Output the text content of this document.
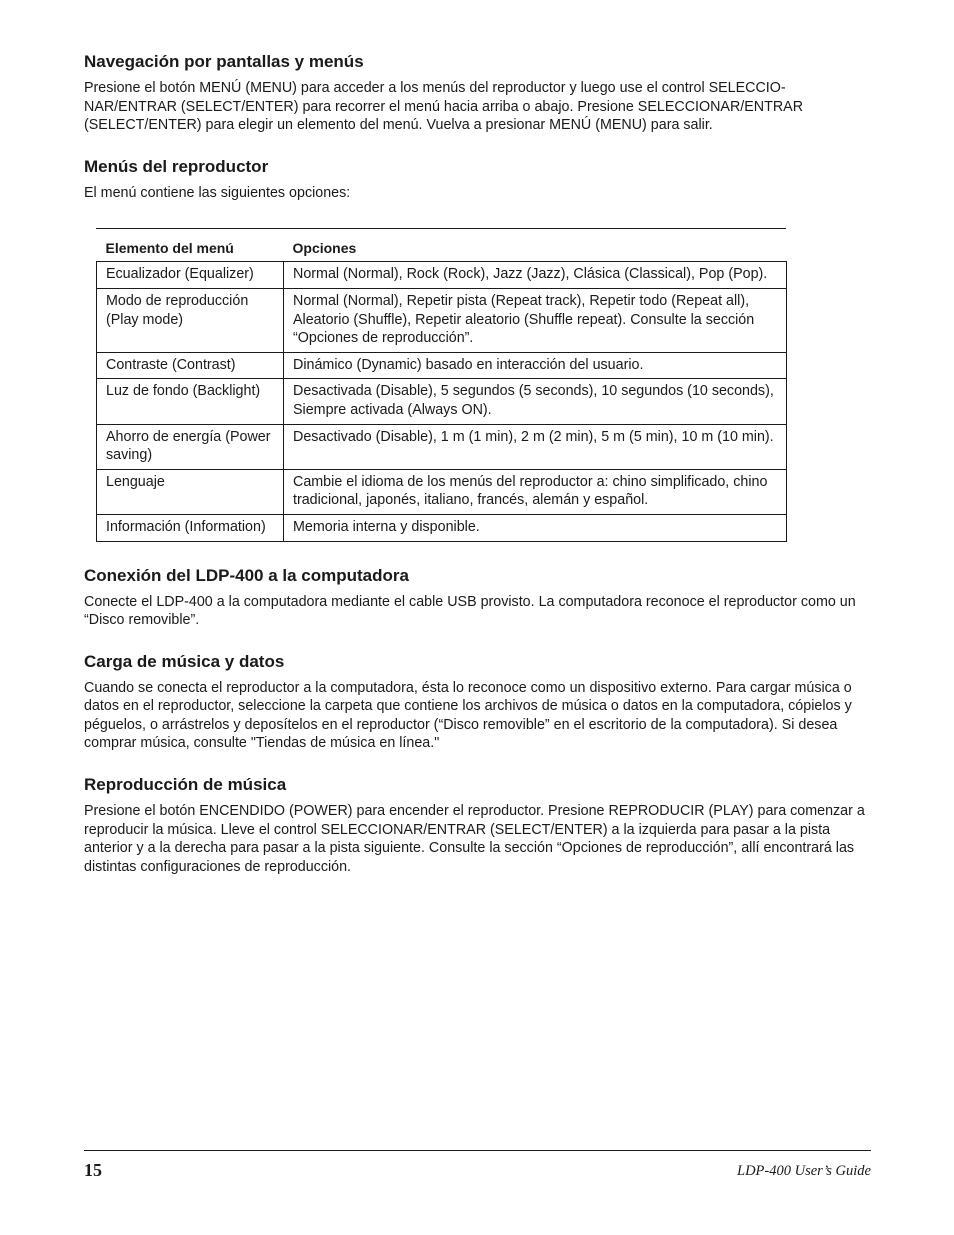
Navegación por pantallas y menús

Presione el botón MENÚ (MENU) para acceder a los menús del reproductor y luego use el control SELECCIO-NAR/ENTRAR (SELECT/ENTER) para recorrer el menú hacia arriba o abajo. Presione SELECCIONAR/ENTRAR (SELECT/ENTER) para elegir un elemento del menú. Vuelva a presionar MENÚ (MENU) para salir.

Menús del reproductor

El menú contiene las siguientes opciones:

Elemento del menú	Opciones
Ecualizador (Equalizer)	Normal (Normal), Rock (Rock), Jazz (Jazz), Clásica (Classical), Pop (Pop).
Modo de reproducción (Play mode)	Normal (Normal), Repetir pista (Repeat track), Repetir todo (Repeat all), Aleatorio (Shuffle), Repetir aleatorio (Shuffle repeat). Consulte la sección “Opciones de reproducción”.
Contraste (Contrast)	Dinámico (Dynamic) basado en interacción del usuario.
Luz de fondo (Backlight)	Desactivada (Disable), 5 segundos (5 seconds), 10 segundos (10 seconds), Siempre activada (Always ON).
Ahorro de energía (Power saving)	Desactivado (Disable), 1 m (1 min), 2 m (2 min), 5 m (5 min), 10 m (10 min).
Lenguaje	Cambie el idioma de los menús del reproductor a: chino simplificado, chino tradicional, japonés, italiano, francés, alemán y español.
Información (Information)	Memoria interna y disponible.
Conexión del LDP-400 a la computadora

Conecte el LDP-400 a la computadora mediante el cable USB provisto. La computadora reconoce el reproductor como un “Disco removible”.

Carga de música y datos

Cuando se conecta el reproductor a la computadora, ésta lo reconoce como un dispositivo externo. Para cargar música o datos en el reproductor, seleccione la carpeta que contiene los archivos de música o datos en la computadora, cópielos y péguelos, o arrástrelos y deposítelos en el reproductor (“Disco removible” en el escritorio de la computadora). Si desea comprar música, consulte "Tiendas de música en línea."

Reproducción de música

Presione el botón ENCENDIDO (POWER) para encender el reproductor. Presione REPRODUCIR (PLAY) para comenzar a reproducir la música. Lleve el control SELECCIONAR/ENTRAR (SELECT/ENTER) a la izquierda para pasar a la pista anterior y a la derecha para pasar a la pista siguiente. Consulte la sección “Opciones de reproducción”, allí encontrará las distintas configuraciones de reproducción.

15	LDP-400 User’s Guide
